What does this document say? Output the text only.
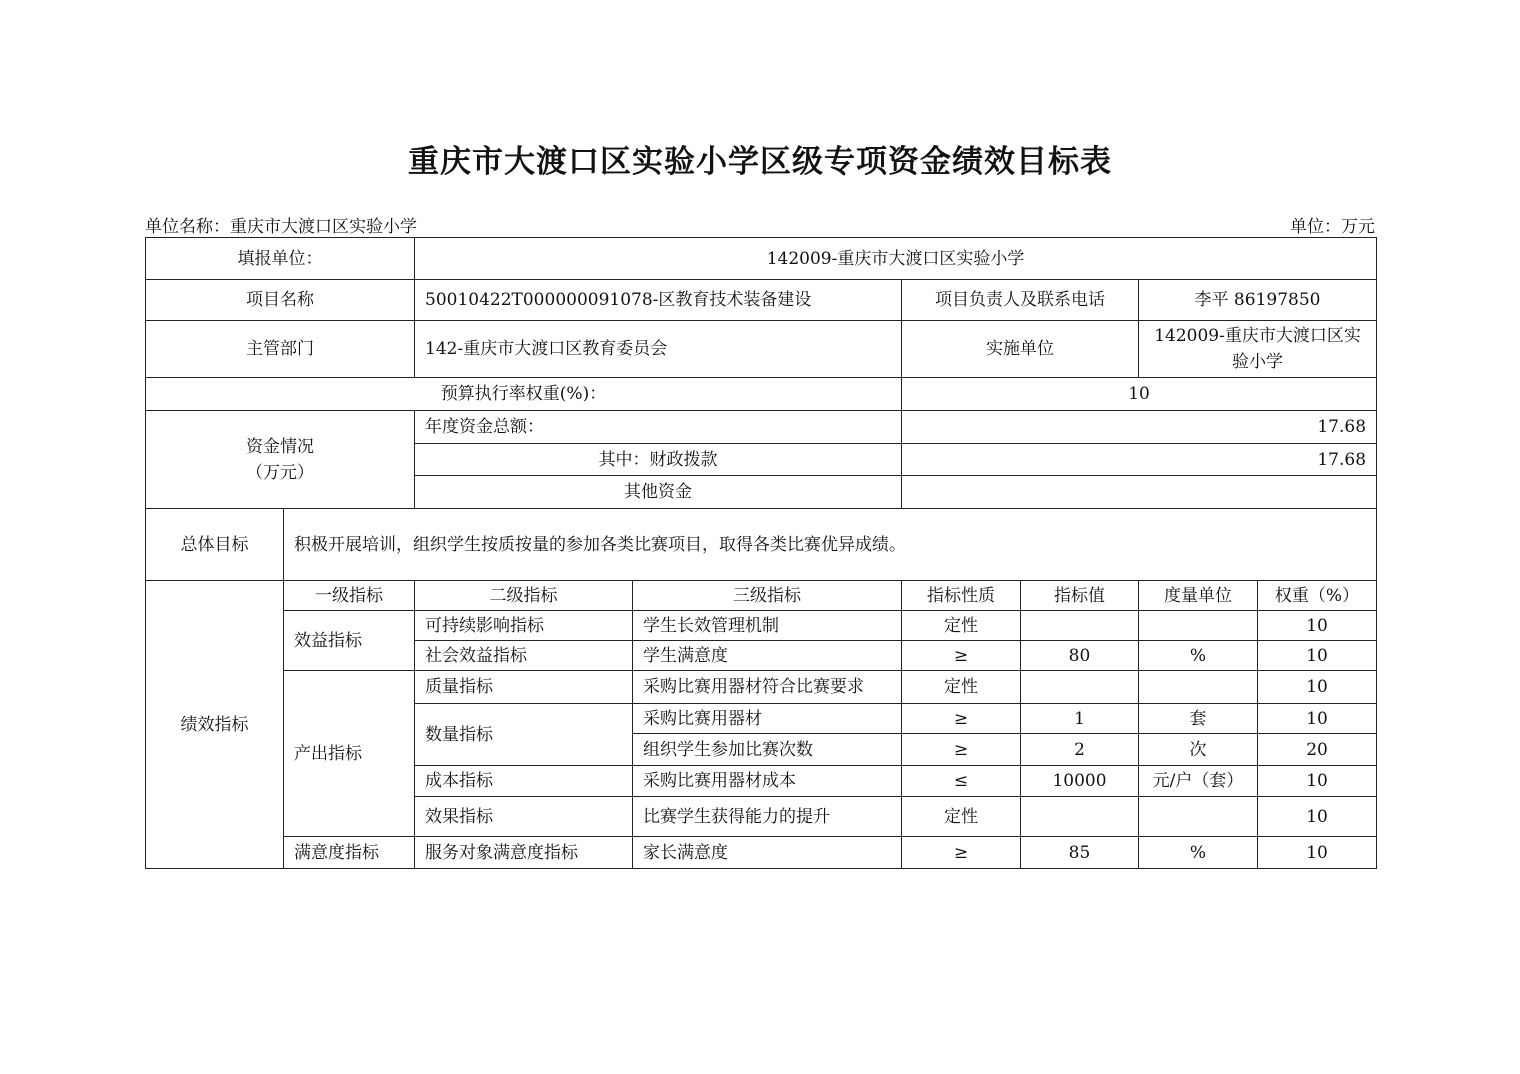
重庆市大渡口区实验小学区级专项资金绩效目标表
单位名称：重庆市大渡口区实验小学	单位：万元
填报单位：		142009-重庆市大渡口区实验小学					
项目名称		50010422T000000091078-区教育技术装备建设		项目负责人及联系电话		李平 86197850	
主管部门		142-重庆市大渡口区教育委员会		实施单位		142009-重庆市大渡口区实验小学	
预算执行率权重(%)：				10			

资金情况
（万元）		年度资金总额：		17.68			
		其中：财政拨款		17.68			
		其他资金					
总体目标	积极开展培训，组织学生按质按量的参加各类比赛项目，取得各类比赛优异成绩。						
绩效指标	一级指标	二级指标	三级指标	指标性质	指标值	度量单位	权重（%）
	效益指标	可持续影响指标	学生长效管理机制	定性			10
		社会效益指标	学生满意度	≥	80	%	10
	产出指标	质量指标	采购比赛用器材符合比赛要求	定性			10
		数量指标	采购比赛用器材	≥	1	套	10
			组织学生参加比赛次数	≥	2	次	20
		成本指标	采购比赛用器材成本	≤	10000	元/户（套）	10
		效果指标	比赛学生获得能力的提升	定性			10
	满意度指标	服务对象满意度指标	家长满意度	≥	85	%	10
